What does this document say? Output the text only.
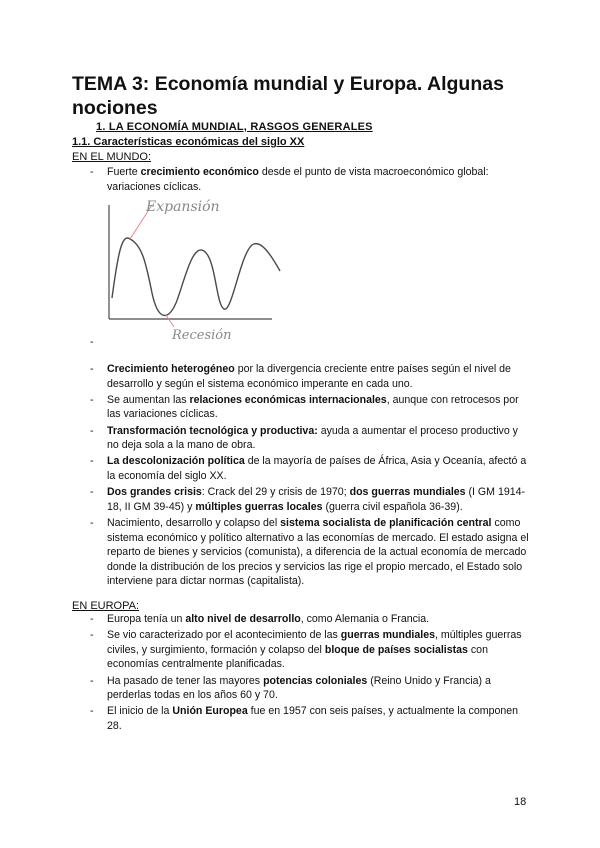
TEMA 3: Economía mundial y Europa. Algunas nociones
1. LA ECONOMÍA MUNDIAL, RASGOS GENERALES
1.1. Características económicas del siglo XX
EN EL MUNDO:
- Fuerte crecimiento económico desde el punto de vista macroeconómico global: variaciones cíclicas.
Expansión
Recesión
-
- Crecimiento heterogéneo por la divergencia creciente entre países según el nivel de desarrollo y según el sistema económico imperante en cada uno.
- Se aumentan las relaciones económicas internacionales, aunque con retrocesos por las variaciones cíclicas.
- Transformación tecnológica y productiva: ayuda a aumentar el proceso productivo y no deja sola a la mano de obra.
- La descolonización política de la mayoría de países de África, Asia y Oceanía, afectó a la economía del siglo XX.
- Dos grandes crisis: Crack del 29 y crisis de 1970; dos guerras mundiales (I GM 1914-18, II GM 39-45) y múltiples guerras locales (guerra civil española 36-39).
- Nacimiento, desarrollo y colapso del sistema socialista de planificación central como sistema económico y político alternativo a las economías de mercado. El estado asigna el reparto de bienes y servicios (comunista), a diferencia de la actual economía de mercado donde la distribución de los precios y servicios las rige el propio mercado, el Estado solo interviene para dictar normas (capitalista).
EN EUROPA:
- Europa tenía un alto nivel de desarrollo, como Alemania o Francia.
- Se vio caracterizado por el acontecimiento de las guerras mundiales, múltiples guerras civiles, y surgimiento, formación y colapso del bloque de países socialistas con economías centralmente planificadas.
- Ha pasado de tener las mayores potencias coloniales (Reino Unido y Francia) a perderlas todas en los años 60 y 70.
- El inicio de la Unión Europea fue en 1957 con seis países, y actualmente la componen 28.
18
